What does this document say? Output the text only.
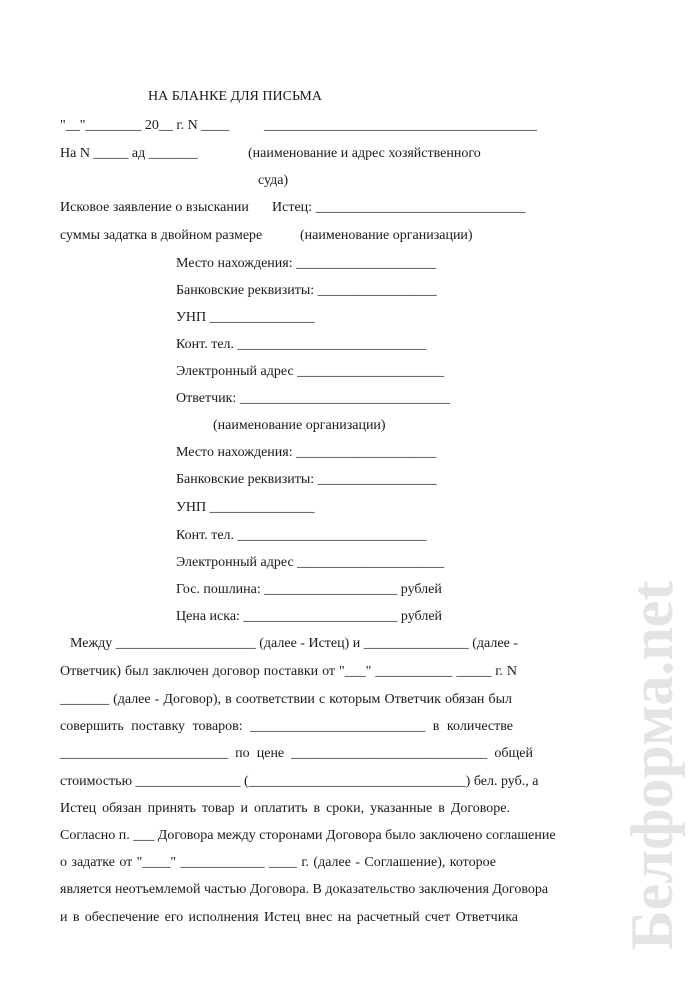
НА БЛАНКЕ ДЛЯ ПИСЬМА
"__"________ 20__ г. N ____ _______________________________________
На N _____ ад _______	(наименование и адрес хозяйственного
суда)
Исковое заявление о взыскании Истец: ______________________________
суммы задатка в двойном размере	(наименование организации)
Место нахождения: ____________________
Банковские реквизиты: _________________
УНП _______________
Конт. тел. ___________________________
Электронный адрес _____________________
Ответчик: ______________________________
(наименование организации)
Место нахождения: ____________________
Банковские реквизиты: _________________
УНП _______________
Конт. тел. ___________________________
Электронный адрес _____________________
Гос. пошлина: ___________________ рублей
Цена иска: ______________________ рублей
Между ____________________ (далее - Истец) и _______________ (далее -
Ответчик) был заключен договор поставки от "___" ___________ _____ г. N
_______ (далее - Договор), в соответствии с которым Ответчик обязан был
совершить поставку товаров: _________________________ в количестве
________________________ по цене ____________________________ общей
стоимостью _______________ (_______________________________) бел. руб., а
Истец обязан принять товар и оплатить в сроки, указанные в Договоре.
Согласно п. ___ Договора между сторонами Договора было заключено соглашение
о задатке от "____" ____________ ____ г. (далее - Соглашение), которое
является неотъемлемой частью Договора. В доказательство заключения Договора
и в обеспечение его исполнения Истец внес на расчетный счет Ответчика Белформа.net
